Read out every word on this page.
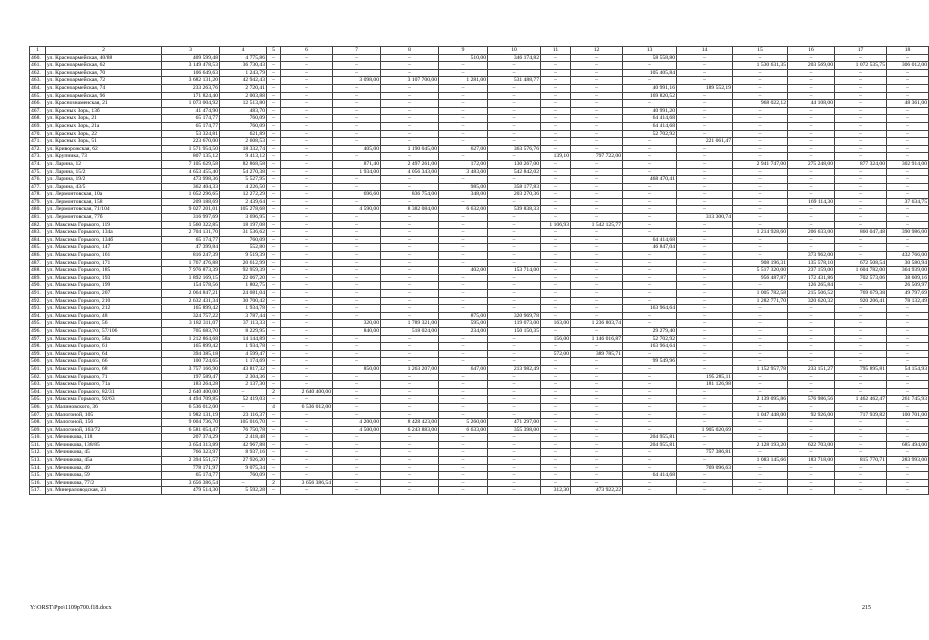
1	2	3	4	5	6	7	8	9	10	11	12	13	14	15	16	17	18
460.	ул. Красноармейская, 40/88	409 599,48	4 775,86	–	–	–	–	510,00	346 174,82	–	–	58 558,80	–	–	–	–	–
461.	ул. Красноармейская, 62	3 149 478,53	36 730,43	–	–	–	–	–	–	–	–	–	–	1 530 631,35	203 569,00	1 072 535,75	306 012,00
462.	ул. Красноармейская, 70	106 649,63	1 243,79	–	–	–	–	–	–	–	–	105 405,84	–	–	–	–	–
463.	ул. Красноармейская, 72	3 682 131,20	42 942,43	–	–	3 098,00	3 107 700,00	1 281,00	531 488,77	–	–	–	–	–	–	–	–
464.	ул. Красноармейская, 74	233 263,76	2 720,41	–	–	–	–	–	–	–	–	40 991,16	189 552,19	–	–	–	–
465.	ул. Красноармейская, 96	171 824,40	2 003,88	–	–	–	–	–	–	–	–	169 820,52	–	–	–	–	–
466.	ул. Краснознаменская, 21	1 073 004,92	12 513,80	–	–	–	–	–	–	–	–	–	–	968 022,12	44 108,00	–	48 361,00
467.	ул. Красных Зорь, 13б	41 474,90	483,70	–	–	–	–	–	–	–	–	40 991,20	–	–	–	–	–
468.	ул. Красных Зорь, 21	65 174,77	760,09	–	–	–	–	–	–	–	–	64 414,68	–	–	–	–	–
469.	ул. Красных Зорь, 21а	65 174,77	760,09	–	–	–	–	–	–	–	–	64 414,68	–	–	–	–	–
470.	ул. Красных Зорь, 22	53 324,81	621,89	–	–	–	–	–	–	–	–	52 702,92	–	–	–	–	–
471.	ул. Красных Зорь, 51	223 670,00	2 608,53	–	–	–	–	–	–	–	–	–	221 061,47	–	–	–	–
472.	ул. Криворожская, 62	1 571 954,50	18 332,74	–	–	405,00	1 190 045,00	627,00	363 576,76	–	–	–	–	–	–	–	–
473.	ул. Крупника, 73	807 135,12	9 413,12	–	–	–	–	–	–	139,10	797 722,00	–	–	–	–	–	–
474.	ул. Ларина, 12	7 105 629,58	82 868,58	–	–	871,40	2 497 261,00	172,00	130 267,00	–	–	–	–	2 941 747,00	275 248,00	877 324,00	302 914,00
475.	ул. Ларина, 15/2	4 653 455,40	54 270,38	–	–	1 934,00	4 056 343,00	3 483,00	542 842,02	–	–	–	–	–	–	–	–
476.	ул. Ларина, 19/2	473 998,36	5 527,95	–	–	–	–	–	–	–	–	468 470,41	–	–	–	–	–
477.	ул. Ларина, 43/5	362 404,33	4 226,50	–	–	–	–	985,00	358 177,83	–	–	–	–	–	–	–	–
478.	ул. Лермонтовская, 10а	1 052 296,65	12 272,29	–	–	696,60	836 754,00	348,00	203 270,36	–	–	–	–	–	–	–	–
479.	ул. Лермонтовская, 158	209 188,69	2 439,64	–	–	–	–	–	–	–	–	–	–	–	169 114,30	–	37 634,75
480.	ул. Лермонтовская, 71/104	9 027 201,01	105 278,68	–	–	4 590,00	8 382 084,00	6 632,00	539 838,33	–	–	–	–	–	–	–	–
481.	ул. Лермонтовская, 77б	316 997,69	3 696,95	–	–	–	–	–	–	–	–	–	313 300,74	–	–	–	–
482.	ул. Максима Горького, 119	1 560 322,85	18 197,08	–	–	–	–	–	–	1 106,93	1 542 125,77	–	–	–	–	–	–
483.	ул. Максима Горького, 134а	2 704 131,70	31 536,62	–	–	–	–	–	–	–	–	–	–	1 214 928,60	206 633,00	860 047,48	390 986,00
484.	ул. Максима Горького, 134б	65 174,77	760,09	–	–	–	–	–	–	–	–	64 414,68	–	–	–	–	–
485.	ул. Максима Горького, 147	47 399,84	552,80	–	–	–	–	–	–	–	–	46 847,04	–	–	–	–	–
486.	ул. Максима Горького, 161	816 247,39	9 519,39	–	–	–	–	–	–	–	–	–	–	–	373 962,00	–	432 766,00
487.	ул. Максима Горького, 171	1 767 476,88	20 612,99	–	–	–	–	–	–	–	–	–	–	908 196,31	135 578,10	672 508,54	30 580,94
488.	ул. Максима Горького, 185	7 976 873,39	92 959,39	–	–	–	–	402,00	153 714,00	–	–	–	–	5 517 320,00	237 159,00	1 604 782,00	364 939,00
489.	ул. Максима Горького, 193	1 892 169,15	22 067,20	–	–	–	–	–	–	–	–	–	–	956 487,87	172 431,86	702 573,06	38 609,16
490.	ул. Максима Горького, 199	154 578,56	1 802,75	–	–	–	–	–	–	–	–	–	–	–	126 265,84	–	26 509,97
491.	ул. Максима Горького, 207	2 064 847,21	24 081,04	–	–	–	–	–	–	–	–	–	–	1 005 782,58	215 506,52	769 679,38	49 797,69
492.	ул. Максима Горького, 210	2 632 431,34	30 700,42	–	–	–	–	–	–	–	–	–	–	1 282 771,70	320 620,32	920 206,41	78 132,49
493.	ул. Максима Горького, 212	165 899,42	1 934,78	–	–	–	–	–	–	–	–	163 964,64	–	–	–	–	–
494.	ул. Максима Горького, 48	324 757,22	3 787,44	–	–	–	–	875,00	320 969,78	–	–	–	–	–	–	–	–
495.	ул. Максима Горького, 56	3 182 311,07	37 113,33	–	–	320,00	1 789 321,00	595,00	119 073,00	163,00	1 236 803,74	–	–	–	–	–	–
496.	ул. Максима Горького, 57/106	705 683,70	8 229,95	–	–	840,00	518 024,00	234,00	150 150,35	–	–	29 279,40	–	–	–	–	–
497.	ул. Максима Горького, 58а	1 212 864,68	14 144,89	–	–	–	–	–	–	156,00	1 146 016,87	52 702,92	–	–	–	–	–
498.	ул. Максима Горького, 61	165 899,42	1 934,78	–	–	–	–	–	–	–	–	163 964,64	–	–	–	–	–
499.	ул. Максима Горького, 64	394 385,18	4 599,47	–	–	–	–	–	–	572,00	389 785,71	–	–	–	–	–	–
500.	ул. Максима Горького, 66	100 724,65	1 174,69	–	–	–	–	–	–	–	–	99 549,96	–	–	–	–	–
501.	ул. Максима Горького, 68	3 757 166,90	43 817,32	–	–	850,00	1 263 207,00	647,00	213 982,49	–	–	–	–	1 152 957,78	233 151,27	795 895,81	54 154,93
502.	ул. Максима Горького, 71	197 589,47	2 304,36	–	–	–	–	–	–	–	–	–	195 285,11	–	–	–	–
503.	ул. Максима Горького, 71а	183 264,28	2 137,30	–	–	–	–	–	–	–	–	–	181 126,98	–	–	–	–
504.	ул. Максима Горького, 82/31	2 640 400,00	–	2	2 640 400,00	–	–	–	–	–	–	–	–	–	–	–	–
505.	ул. Максима Горького, 92/63	4 494 709,85	52 419,03	–	–	–	–	–	–	–	–	–	–	2 139 095,86	576 986,56	1 462 462,47	261 745,93
506.	ул. Малиновского, 36	6 536 012,00	–	4	6 536 012,00	–	–	–	–	–	–	–	–	–	–	–	–
507.	ул. Малогоной, 105	1 982 131,19	23 116,37	–	–	–	–	–	–	–	–	–	–	1 047 448,00	92 926,00	717 939,82	100 701,00
508.	ул. Малогоной, 156	9 004 736,70	105 016,70	–	–	4 200,00	8 428 423,00	5 260,00	471 297,00	–	–	–	–	–	–	–	–
509.	ул. Малогоной, 163/72	6 581 054,47	76 750,78	–	–	4 500,00	6 243 883,00	6 633,00	355 398,00	–	–	–	1 905 020,69	–	–	–	–
510.	ул. Мечникова, 118	207 374,29	2 418,48	–	–	–	–	–	–	–	–	204 955,81	–	–	–	–	–
511.	ул. Мечникова, 138/85	3 654 313,89	42 967,88	–	–	–	–	–	–	–	–	204 955,81	–	2 128 193,20	622 703,00	–	685 494,00
512.	ул. Мечникова, 45	766 323,97	8 937,16	–	–	–	–	–	–	–	–	–	757 386,81	–	–	–	–
513.	ул. Мечникова, 45а	2 394 551,57	27 926,20	–	–	–	–	–	–	–	–	–	–	1 083 145,66	183 718,00	815 770,71	283 993,00
514.	ул. Мечникова, 49	778 171,97	9 075,34	–	–	–	–	–	–	–	–	–	769 096,63	–	–	–	–
515.	ул. Мечникова, 59	65 174,77	760,09	–	–	–	–	–	–	–	–	64 414,68	–	–	–	–	–
516.	ул. Мечникова, 77/2	3 656 386,54	–	2	3 656 386,54	–	–	–	–	–	–	–	–	–	–	–	–
517.	ул. Минераловодская, 23	479 514,30	5 592,28	–	–	–	–	–	–	312,30	473 922,22	–	–	–	–	–	–
Y:\ORST\Ppo\1109p700.f18.docx	215
